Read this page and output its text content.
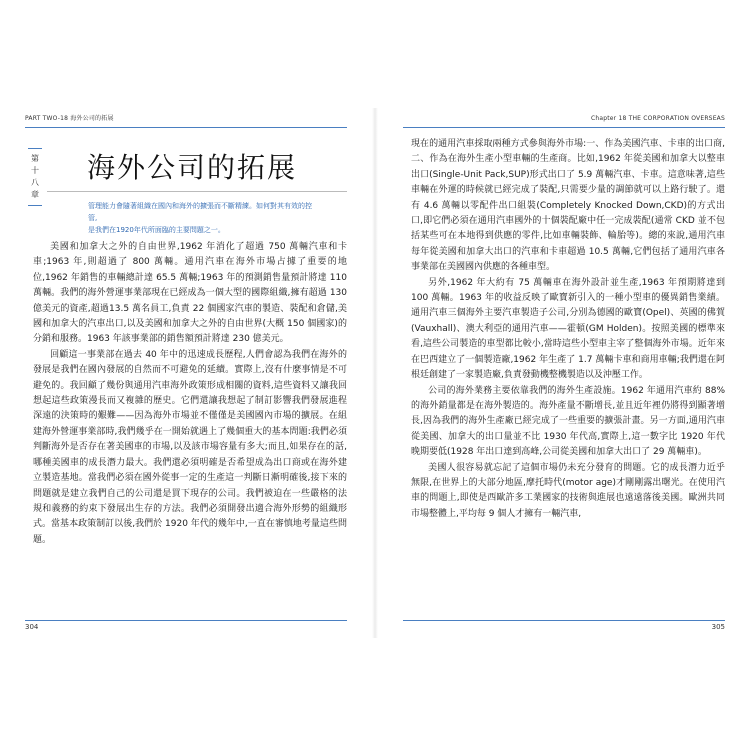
PART TWO-18 海外公司的拓展
第十八章
海外公司的拓展
管理能力會隨著組織在國內和海外的擴張而不斷精練。如何對其有效的控管,
是我們在1920年代所面臨的主要問題之一。

美國和加拿大之外的自由世界,1962 年消化了超過 750 萬輛汽車和卡車;1963 年,則超過了 800 萬輛。通用汽車在海外市場占據了重要的地位,1962 年銷售的車輛總計達 65.5 萬輛;1963 年的預測銷售量預計將達 110 萬輛。我們的海外營運事業部現在已經成為一個大型的國際組織,擁有超過 130 億美元的資產,超過13.5 萬名員工,負責 22 個國家汽車的製造、裝配和倉儲,美國和加拿大的汽車出口,以及美國和加拿大之外的自由世界(大概 150 個國家)的分銷和服務。1963 年該事業部的銷售額預計將達 230 億美元。

回顧這一事業部在過去 40 年中的迅速成長歷程,人們會認為我們在海外的發展是我們在國內發展的自然而不可避免的延續。實際上,沒有什麼事情是不可避免的。我回顧了幾份與通用汽車海外政策形成相關的資料,這些資料又讓我回想起這些政策漫長而又複雜的歷史。它們還讓我想起了制訂影響我們發展進程深遠的決策時的艱難——因為海外市場並不僅僅是美國國內市場的擴展。在組建海外營運事業部時,我們幾乎在一開始就遇上了幾個重大的基本問題:我們必須判斷海外是否存在著美國車的市場,以及該市場容量有多大;而且,如果存在的話,哪種美國車的成長潛力最大。我們還必須明確是否希望成為出口商或在海外建立製造基地。當我們必須在國外從事一定的生產這一判斷日漸明確後,接下來的問題就是建立我們自己的公司還是買下現存的公司。我們被迫在一些嚴格的法規和義務的約束下發展出生存的方法。我們必須開發出適合海外形勢的組織形式。當基本政策制訂以後,我們於 1920 年代的幾年中,一直在審慎地考量這些問題。

304
Chapter 18 THE CORPORATION OVERSEAS

現在的通用汽車採取兩種方式參與海外市場:一、作為美國汽車、卡車的出口商,二、作為在海外生產小型車輛的生產商。比如,1962 年從美國和加拿大以整車出口(Single-Unit Pack,SUP)形式出口了 5.9 萬輛汽車、卡車。這意味著,這些車輛在外運的時候就已經完成了裝配,只需要少量的調節就可以上路行駛了。還有 4.6 萬輛以零配件出口組裝(Completely Knocked Down,CKD)的方式出口,即它們必須在通用汽車國外的十個裝配廠中任一完成裝配(通常 CKD 並不包括某些可在本地得到供應的零件,比如車輛裝飾、輪胎等)。總的來說,通用汽車每年從美國和加拿大出口的汽車和卡車超過 10.5 萬輛,它們包括了通用汽車各事業部在美國國內供應的各種車型。

另外,1962 年大約有 75 萬輛車在海外設計並生產,1963 年預期將達到 100 萬輛。1963 年的收益反映了歐寶新引入的一種小型車的優異銷售業績。通用汽車三個海外主要汽車製造子公司,分別為德國的歐寶(Opel)、英國的佛賀(Vauxhall)、澳大利亞的通用汽車——霍頓(GM Holden)。按照美國的標準來看,這些公司製造的車型都比較小,當時這些小型車主宰了整個海外市場。近年來在巴西建立了一個製造廠,1962 年生產了 1.7 萬輛卡車和商用車輛;我們還在阿根廷創建了一家製造廠,負責發動機整機製造以及沖壓工作。

公司的海外業務主要依靠我們的海外生產設施。1962 年通用汽車約 88%的海外銷量都是在海外製造的。海外產量不斷增長,並且近年裡仍將得到顯著增長,因為我們的海外生產廠已經完成了一些重要的擴張計畫。另一方面,通用汽車從美國、加拿大的出口量並不比 1930 年代高,實際上,這一數字比 1920 年代晚期要低(1928 年出口達到高峰,公司從美國和加拿大出口了 29 萬輛車)。

美國人很容易就忘記了這個市場仍未充分發育的問題。它的成長潛力近乎無限,在世界上的大部分地區,摩托時代(motor age)才剛剛露出曙光。在使用汽車的問題上,即使是西歐許多工業國家的技術與進展也遠遠落後美國。歐洲共同市場整體上,平均每 9 個人才擁有一輛汽車,

305
